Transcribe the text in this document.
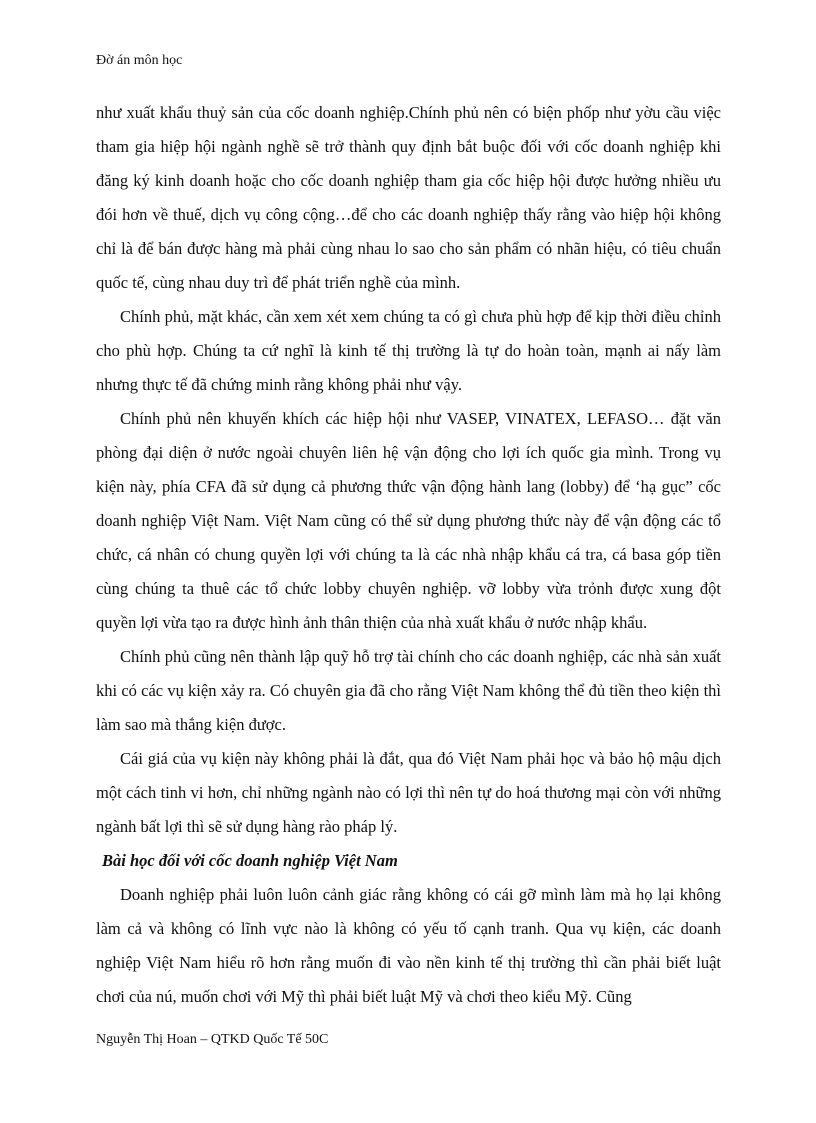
Đờ án môn học

như xuất khẩu thuỷ sản của cốc doanh nghiệp.Chính phủ nên có biện phốp như yờu cầu việc tham gia hiệp hội ngành nghề sẽ trở thành quy định bắt buộc đối với cốc doanh nghiệp khi đăng ký kinh doanh hoặc cho cốc doanh nghiệp tham gia cốc hiệp hội được hưởng nhiều ưu đói hơn về thuế, dịch vụ công cộng…để cho các doanh nghiệp thấy rằng vào hiệp hội không chỉ là để bán được hàng mà phải cùng nhau lo sao cho sản phẩm có nhãn hiệu, có tiêu chuẩn quốc tế, cùng nhau duy trì để phát triển nghề của mình.

Chính phủ, mặt khác, cần xem xét xem chúng ta có gì chưa phù hợp để kịp thời điều chỉnh cho phù hợp. Chúng ta cứ nghĩ là kinh tế thị trường là tự do hoàn toàn, mạnh ai nấy làm nhưng thực tế đã chứng minh rằng không phải như vậy.

Chính phủ nên khuyến khích các hiệp hội như VASEP, VINATEX, LEFASO… đặt văn phòng đại diện ở nước ngoài chuyên liên hệ vận động cho lợi ích quốc gia mình. Trong vụ kiện này, phía CFA đã sử dụng cả phương thức vận động hành lang (lobby) để ‘hạ gục” cốc doanh nghiệp Việt Nam. Việt Nam cũng có thể sử dụng phương thức này để vận động các tổ chức, cá nhân có chung quyền lợi với chúng ta là các nhà nhập khẩu cá tra, cá basa góp tiền cùng chúng ta thuê các tổ chức lobby chuyên nghiệp. vỡ lobby vừa trỏnh được xung đột quyền lợi vừa tạo ra được hình ảnh thân thiện của nhà xuất khẩu ở nước nhập khẩu.

Chính phủ cũng nên thành lập quỹ hỗ trợ tài chính cho các doanh nghiệp, các nhà sản xuất khi có các vụ kiện xảy ra. Có chuyên gia đã cho rằng Việt Nam không thể đủ tiền theo kiện thì làm sao mà thắng kiện được.

Cái giá của vụ kiện này không phải là đắt, qua đó Việt Nam phải học và bảo hộ mậu dịch một cách tinh vi hơn, chỉ những ngành nào có lợi thì nên tự do hoá thương mại còn với những ngành bất lợi thì sẽ sử dụng hàng rào pháp lý.

Bài học đối với cốc doanh nghiệp Việt Nam

Doanh nghiệp phải luôn luôn cảnh giác rằng không có cái gỡ mình làm mà họ lại không làm cả và không có lĩnh vực nào là không có yếu tố cạnh tranh. Qua vụ kiện, các doanh nghiệp Việt Nam hiểu rõ hơn rằng muốn đi vào nền kinh tế thị trường thì cần phải biết luật chơi của nú, muốn chơi với Mỹ thì phải biết luật Mỹ và chơi theo kiểu Mỹ. Cũng

Nguyễn Thị Hoan – QTKD Quốc Tế 50C
